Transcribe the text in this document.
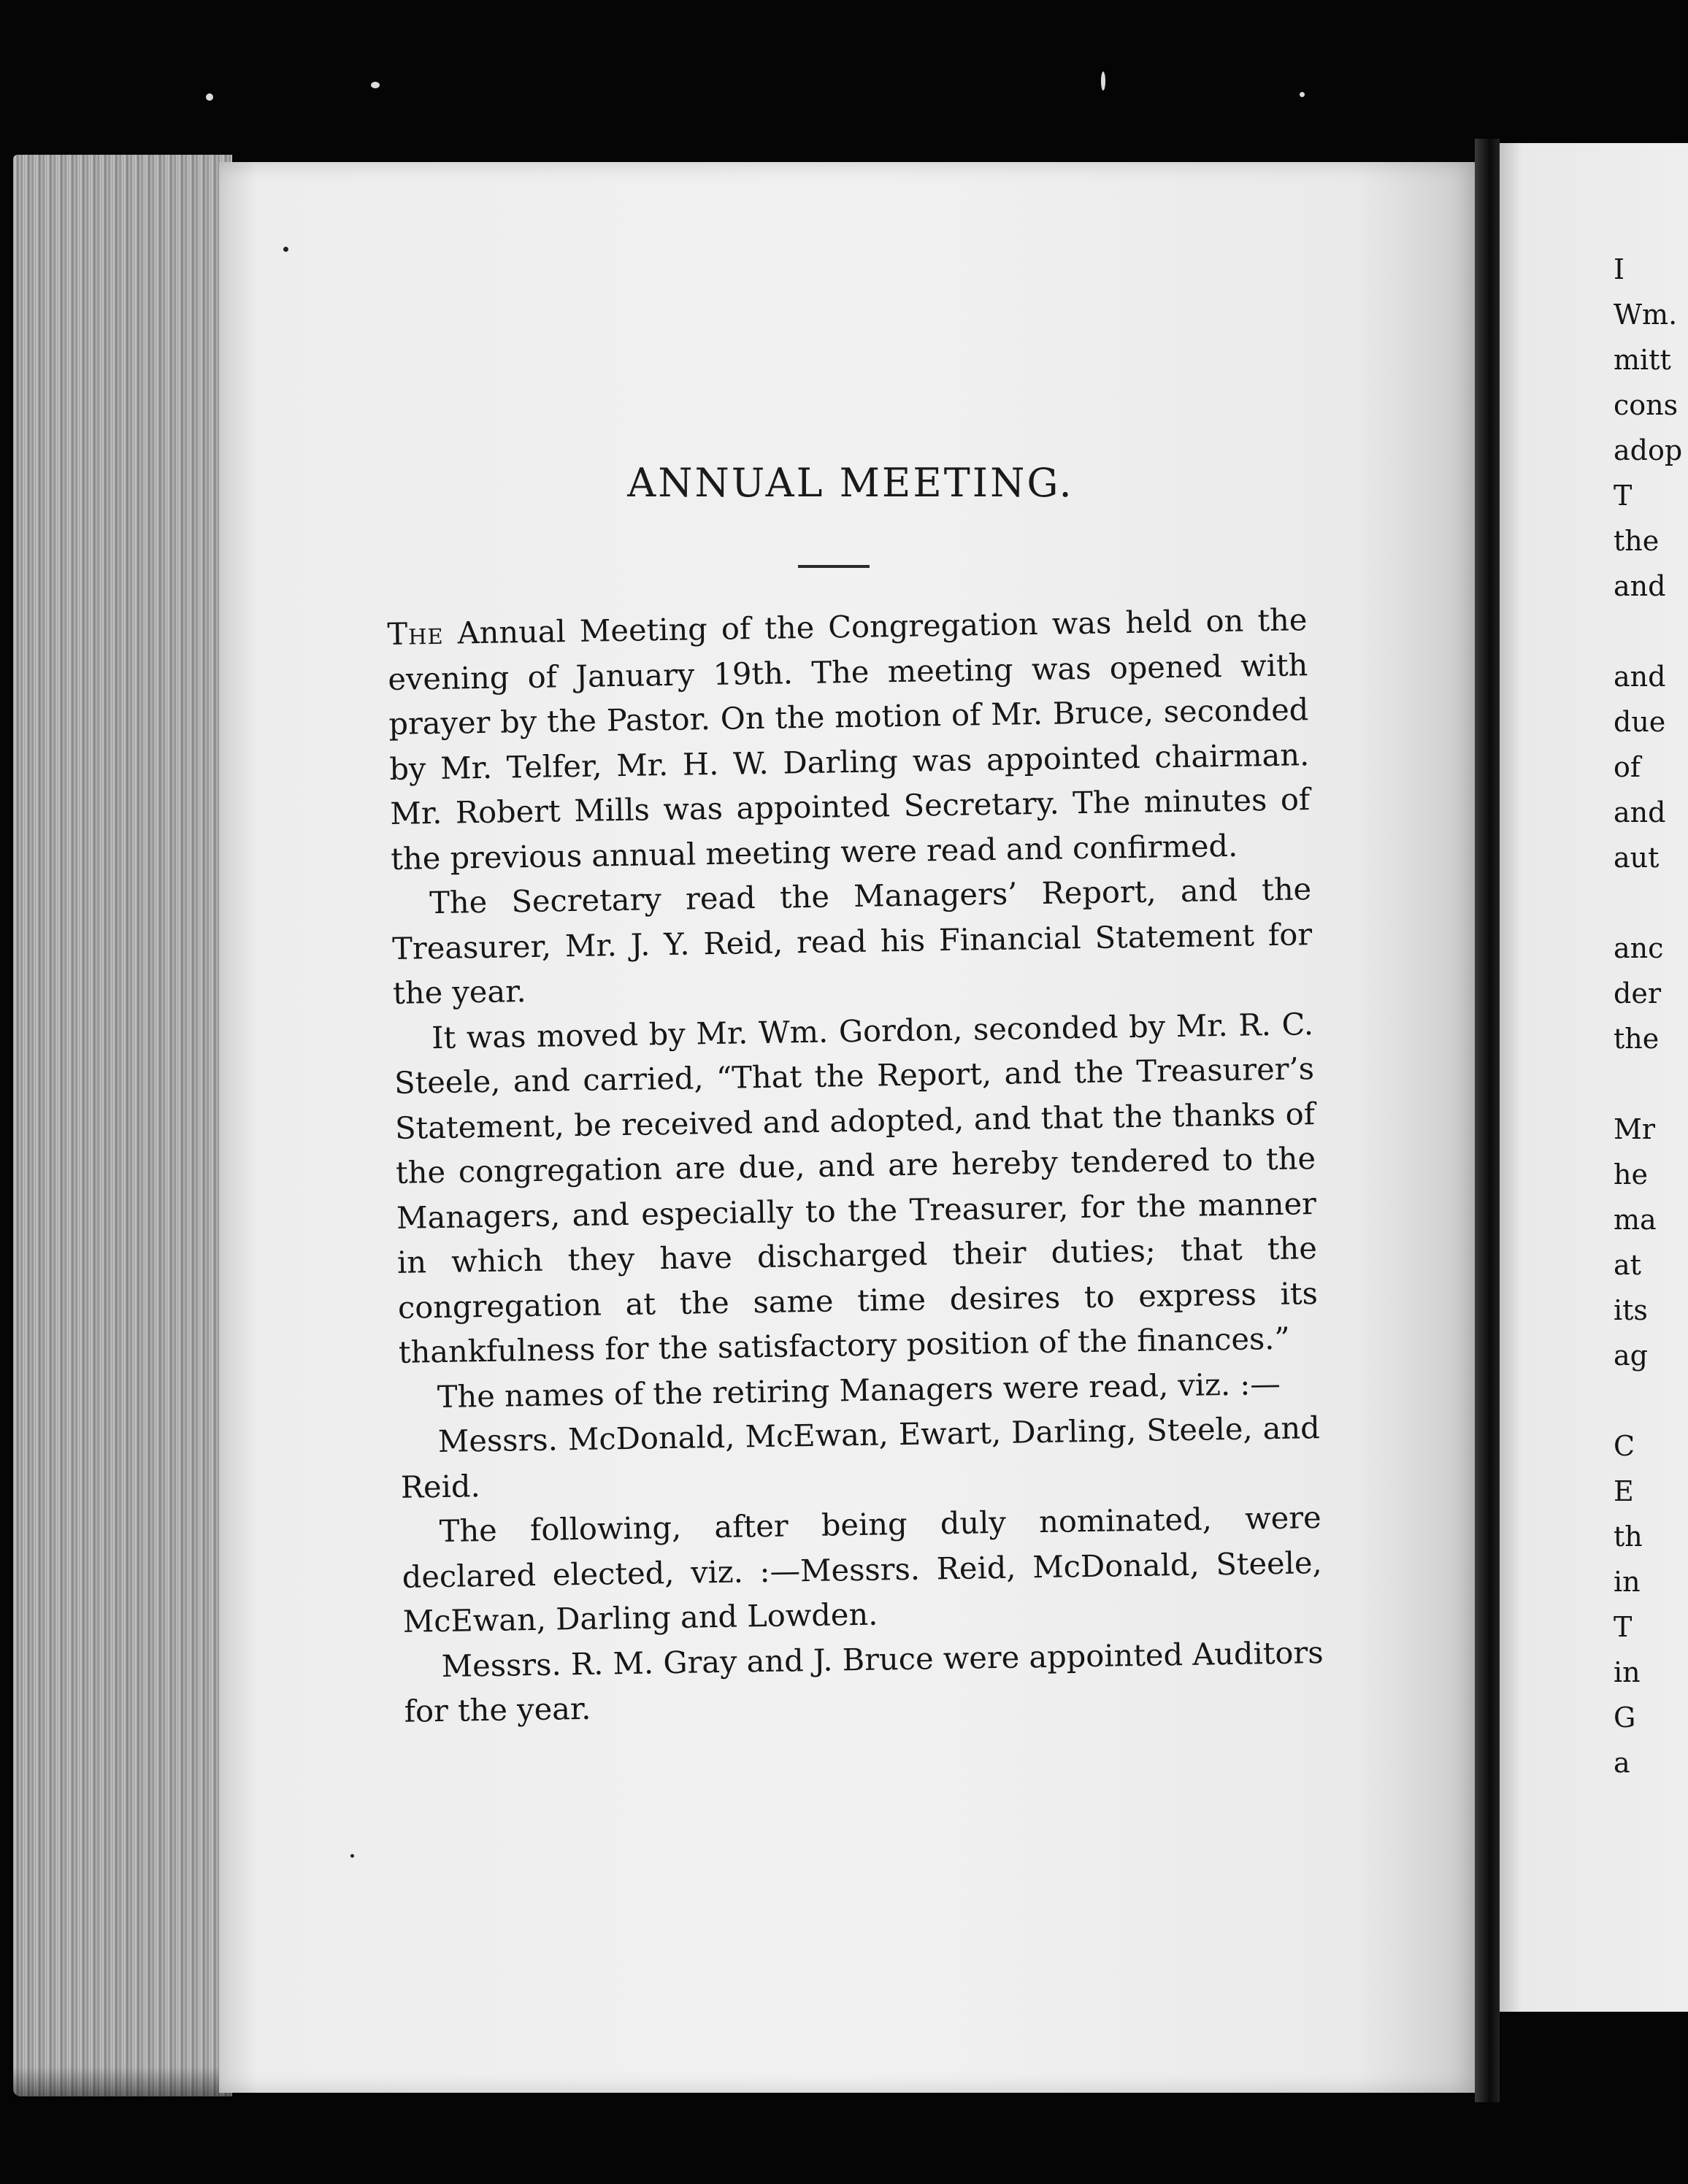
ANNUAL MEETING.

The Annual Meeting of the Congregation was held on the evening of January 19th. The meeting was opened with prayer by the Pastor. On the motion of Mr. Bruce, seconded by Mr. Telfer, Mr. H. W. Darling was appointed chairman. Mr. Robert Mills was appointed Secretary. The minutes of the previous annual meeting were read and confirmed.

The Secretary read the Managers’ Report, and the Treasurer, Mr. J. Y. Reid, read his Financial Statement for the year.

It was moved by Mr. Wm. Gordon, seconded by Mr. R. C. Steele, and carried, “That the Report, and the Treasurer’s Statement, be received and adopted, and that the thanks of the congregation are due, and are hereby tendered to the Managers, and especially to the Treasurer, for the manner in which they have discharged their duties; that the congregation at the same time desires to express its thankfulness for the satisfactory position of the finances.”

The names of the retiring Managers were read, viz. :—

Messrs. McDonald, McEwan, Ewart, Darling, Steele, and Reid.

The following, after being duly nominated, were declared elected, viz. :—Messrs. Reid, McDonald, Steele, McEwan, Darling and Lowden.

Messrs. R. M. Gray and J. Bruce were appointed Auditors for the year.

I
Wm.
mitt
cons
adop
T
the
and

and
due
of
and
aut

anc
der
the

Mr
he
ma
at
its
ag

C
E
th
in
T
in
G
a
